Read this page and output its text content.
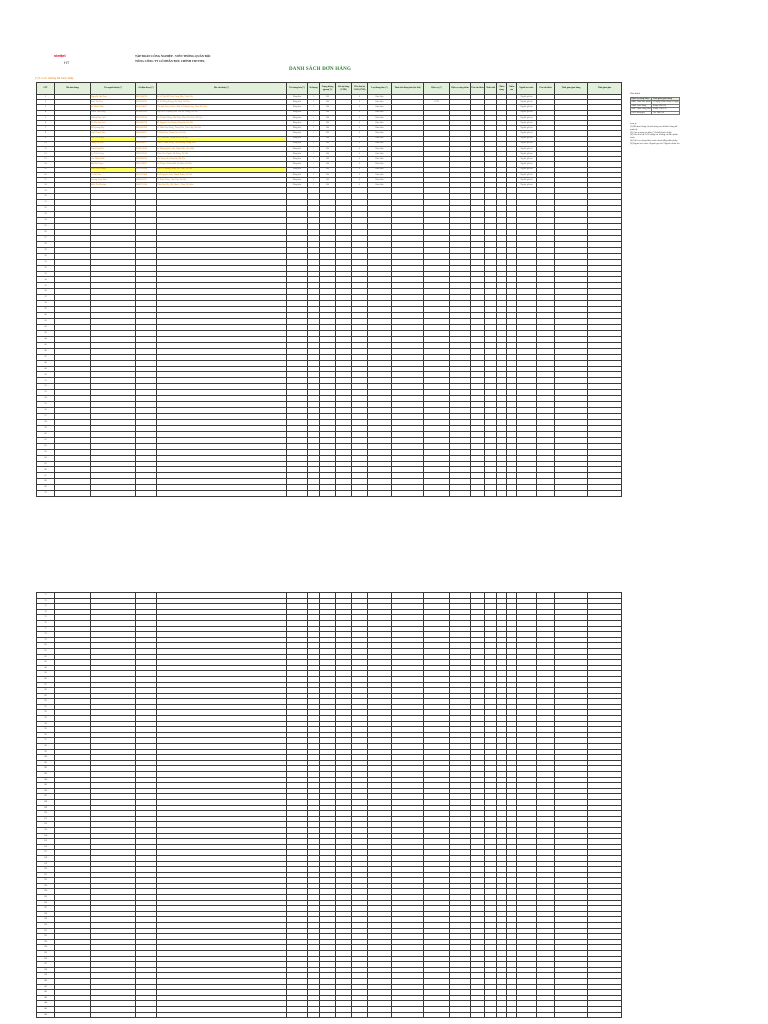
viettel
HT
TẬP ĐOÀN CÔNG NGHIỆP - VIỄN THÔNG QUÂN ĐỘI
TỔNG CÔNG TY CỔ PHẦN BƯU CHÍNH VIETTEL
DANH SÁCH ĐƠN HÀNG
(*) Là các trường bắt buộc nhập
STT	Mã đơn hàng	Tên người nhận (*)	Số điện thoại (*)	Địa chỉ nhận (*)	Tên hàng hóa (*)	Số lượng	Trọng lượng (gram) (*)	Giá trị hàng (VNĐ)	Tiền thu hộ COD (VNĐ)	Loại hàng hóa (*)	Tính chất hàng hóa đặc biệt	Dịch vụ (*)	Dịch vụ cộng thêm	Yêu cầu khác	Chiều dài	Chiều rộng	Chiều cao	Người trả cước	Yêu cầu khác	Thời gian giao hàng	Thời gian giao
1		Nguyễn Văn Nam	0912345678	Số 15 Ngõ 82 Dịch Vọng Hậu, Cầu Giấy	Hàng hóa	1	500		0	Bưu kiện								Người gửi trả			
2		Trần Thị Hoa	0987654321	12 Lê Hồng Phong, Ba Đình, Hà Nội	Hàng hóa	1	500		0	Bưu kiện		VCN						Người gửi trả			
3		Lê Minh Tuấn	0901234567	Tòa nhà Viettel, Km 2 Đại lộ Thăng Long, Nam Từ Liêm	Hàng hóa	1	500		0	Bưu kiện								Người gửi trả			
4		Phạm Thu Hằng	0934567890	Ngõ 48 Tạ Quang Bửu, Hai Bà Trưng, Hà Nội	Hàng hóa	1	500		0	Bưu kiện								Người gửi trả			
5		Hoàng Đức Anh	0976543210	Số 3 Phạm Hùng, Mỹ Đình, Nam Từ Liêm, Hà Nội	Hàng hóa	1	500		0	Bưu kiện								Người gửi trả			
6		Vũ Thị Lan Anh	0923456789	88 Nguyễn Chí Thanh, Đống Đa, Hà Nội	Hàng hóa	1	500		0	Bưu kiện								Người gửi trả			
7		Đỗ Quang Huy	0965432109	25 Trần Duy Hưng, Trung Hòa, Cầu Giấy, Hà Nội	Hàng hóa	1	500		0	Bưu kiện								Người gửi trả			
8		Ngô Thanh Tâm	0945678901	TT Dân Hòa, Thanh Oai, Hà Nội	Hàng hóa	1	500		0	Bưu kiện								Người gửi trả			
9		Bùi Văn Long	0918765432	Số 7 Phố Huế, Hoàn Kiếm, Hà Nội	Hàng hóa	1	500		0	Bưu kiện								Người gửi trả			
10		Đặng Thị Mai	0982345671	Xóm 3 Thôn Đông, Tiên Dương, Đông Anh	Hàng hóa	1	500		0	Bưu kiện								Người gửi trả			
11		Trịnh Văn Hải	0938271645	56 Hoàng Quốc Việt, Nghĩa Đô, Cầu Giấy	Hàng hóa	1	500		0	Bưu kiện								Người gửi trả			
12		Lý Thị Hương	0967812345	Thôn Yên Nghĩa, Hà Đông, Hà Nội	Hàng hóa	1	500		0	Bưu kiện								Người gửi trả			
13		Cao Minh Khôi	0929384756	102 Láng Hạ, Đống Đa, Hà Nội	Hàng hóa	1	500		0	Bưu kiện								Người gửi trả			
14		Mai Thị Ngọc	0951234987	Số 4 Ngõ 12 Kim Mã, Ba Đình, Hà Nội	Hàng hóa	1	500		0	Bưu kiện								Người gửi trả			
15		Phan Văn Thắng	0972619384	Khu CN Quang Minh, Mê Linh, Hà Nội	Hàng hóa	1	500		0	Bưu kiện								Người gửi trả			
16		Tạ Thị Thu	0913572468	Số 9 Nguyễn Trãi, Thanh Xuân, Hà Nội	Hàng hóa	1	500		0	Bưu kiện								Người gửi trả			
17		Dương Quốc Bảo	0986421357	35 Xuân Thủy, Cầu Giấy, Hà Nội	Hàng hóa	1	500		0	Bưu kiện								Người gửi trả			
18		Kiều Thị Phương	0942753186	Thôn Phú Mỹ, Mỹ Đình 2, Nam Từ Liêm	Hàng hóa	1	500		0	Bưu kiện								Người gửi trả			
19																					
20																					
21																					
22																					
23																					
24																					
25																					
26																					
27																					
28																					
29																					
30																					
31																					
32																					
33																					
34																					
35																					
36																					
37																					
38																					
39																					
40																					
41																					
42																					
43																					
44																					
45																					
46																					
47																					
48																					
49																					
50																					
51																					
52																					
53																					
54																					
55																					
56																					
57																					
58																					
59																					
60																					
61																					
62																					
63																					
64																					
65																					
66																					
67																					
68																					
69																					
70																					
71																					
72																					
73																					
74																					
75																					
76																					
77																					
78																					
79																					
80																					
81																					
82																					
83																					
84																					
85																					
86																					
87																					
88																					
89																					
90																					
91																					
92																					
93																					
94																					
95																					
96																					
97																					
98																					
99																					
100																					
101																					
102																					
103																					
104																					
105																					
106																					
107																					
108																					
109																					
110																					
111																					
112																					
113																					
114																					
115																					
116																					
117																					
118																					
119																					
120																					
121																					
122																					
123																					
124																					
125																					
126																					
127																					
128																					
129																					
130																					
131																					
132																					
133																					
134																					
135																					
136																					
137																					
138																					
139																					
140																					
141																					
142																					
143																					
144																					
145																					
146																					
Chú thích
Dịch vụ cộng thêm	Thời gian giao hàng
GBH: Giao bưu phẩm	Cả ngày: nhận hàng cả ngày
XMG: Xem hàng	Sáng: 08h-12h
GHP: Giao hàng phát	Chiều: 13h-17h
DMT: Đóng gói	Tối: 18h-21h
Lưu ý:
(1) Mã đơn hàng: là mã riêng của khách hàng để quản lý.
(2) Các trường có dấu (*) là bắt buộc nhập.
(3) Tiền thu hộ COD nhập số, không có dấu phân cách.
(4) Dịch vụ cộng thêm cách nhau bằng dấu phẩy.
(5) Người trả cước: Người gửi trả / Người nhận trả.
